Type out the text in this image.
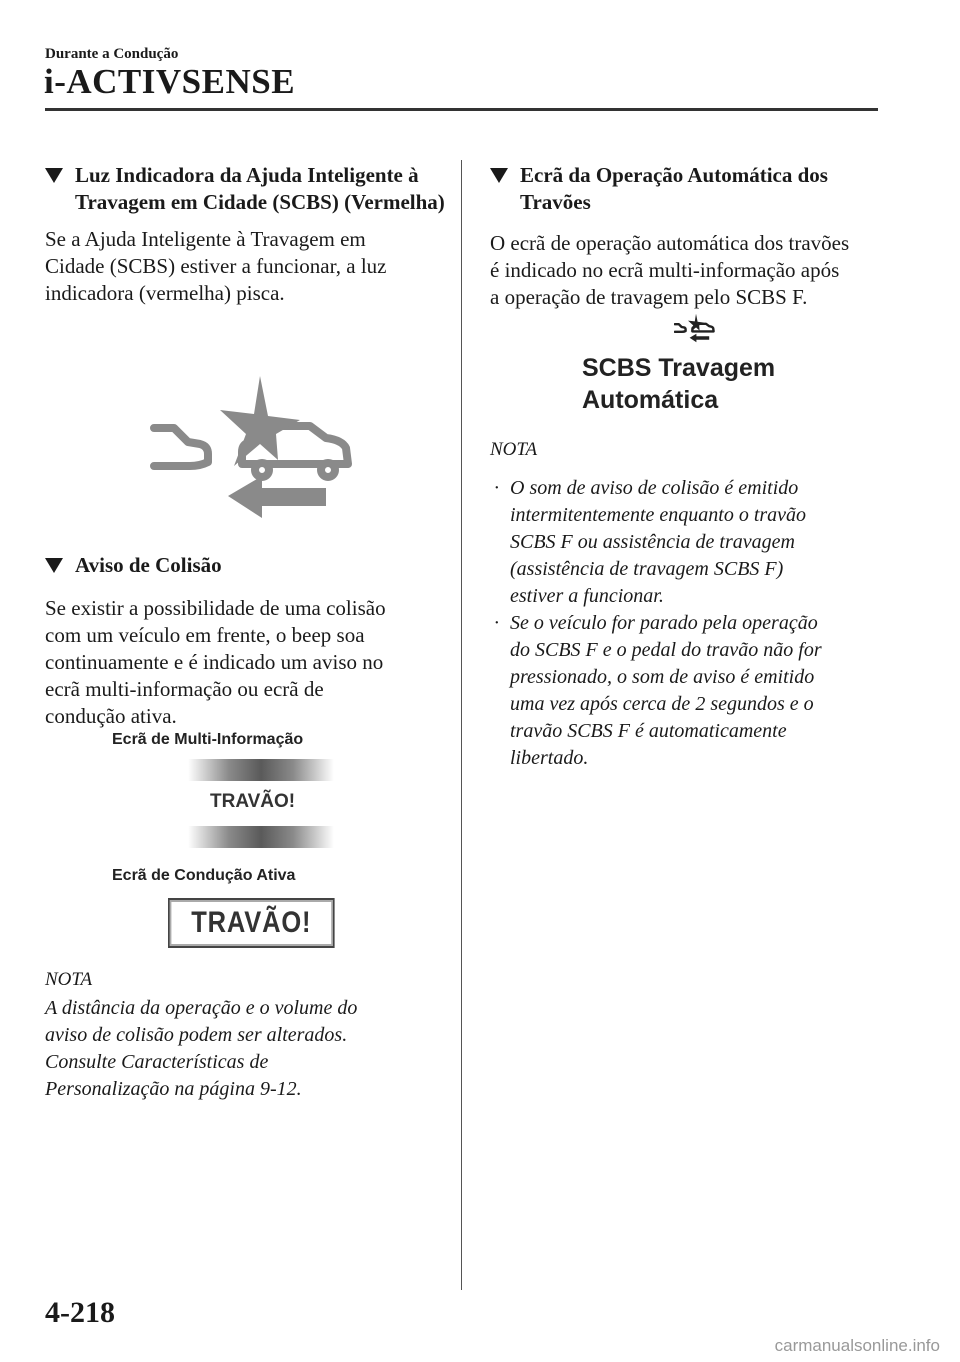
Durante a Condução
i-ACTIVSENSE
Luz Indicadora da Ajuda Inteligente à Travagem em Cidade (SCBS) (Vermelha)

Se a Ajuda Inteligente à Travagem em
Cidade (SCBS) estiver a funcionar, a luz
indicadora (vermelha) pisca.

Aviso de Colisão

Se existir a possibilidade de uma colisão
com um veículo em frente, o beep soa
continuamente e é indicado um aviso no
ecrã multi-informação ou ecrã de
condução ativa.

Ecrã de Multi-Informação
TRAVÃO!
Ecrã de Condução Ativa
TRAVÃO!
NOTA

A distância da operação e o volume do
aviso de colisão podem ser alterados.
Consulte Características de
Personalização na página 9-12.

Ecrã da Operação Automática dos
Travões

O ecrã de operação automática dos travões
é indicado no ecrã multi-informação após
a operação de travagem pelo SCBS F.

SCBS Travagem
Automática
NOTA
· O som de aviso de colisão é emitido
intermitentemente enquanto o travão
SCBS F ou assistência de travagem
(assistência de travagem SCBS F)
estiver a funcionar.
· Se o veículo for parado pela operação
do SCBS F e o pedal do travão não for
pressionado, o som de aviso é emitido
uma vez após cerca de 2 segundos e o
travão SCBS F é automaticamente
libertado.
4-218
carmanualsonline.info
